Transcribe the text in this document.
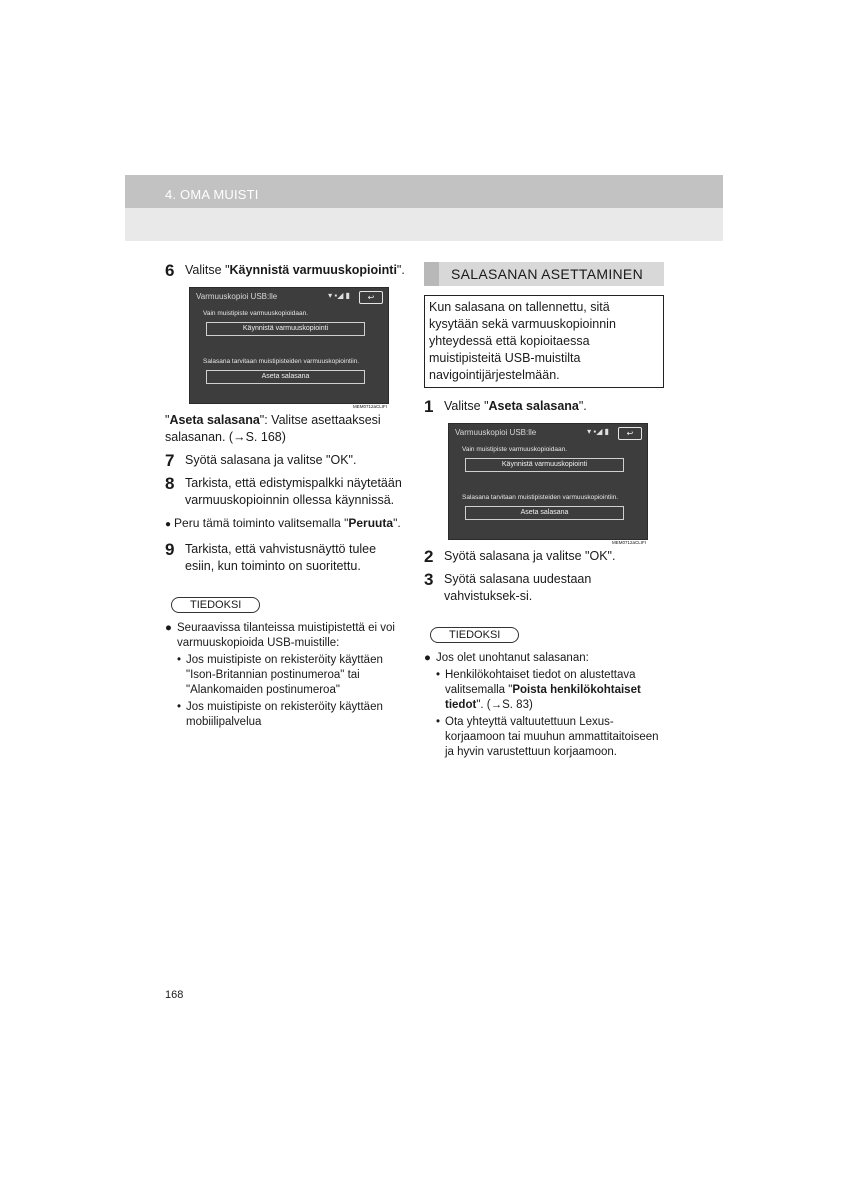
4. OMA MUISTI
6 Valitse "Käynnistä varmuuskopiointi".
Varmuuskopioi USB:lle	▾ ▪◢ ▮	↩
Vain muistipiste varmuuskopioidaan.
Käynnistä varmuuskopiointi
Salasana tarvitaan muistipisteiden varmuuskopiointiin.
Aseta salasana
MEM0712aCLIFI
"Aseta salasana": Valitse asettaaksesi salasanan. (→S. 168)
7 Syötä salasana ja valitse "OK".
8 Tarkista, että edistymispalkki näytetään varmuuskopioinnin ollessa käynnissä.
● Peru tämä toiminto valitsemalla "Peruuta".
9 Tarkista, että vahvistusnäyttö tulee esiin, kun toiminto on suoritettu.
TIEDOKSI
● Seuraavissa tilanteissa muistipistettä ei voi varmuuskopioida USB-muistille:
• Jos muistipiste on rekisteröity käyttäen "Ison-Britannian postinumeroa" tai "Alankomaiden postinumeroa"
• Jos muistipiste on rekisteröity käyttäen mobiilipalvelua
SALASANAN ASETTAMINEN
Kun salasana on tallennettu, sitä kysytään sekä varmuuskopioinnin yhteydessä että kopioitaessa muistipisteitä USB-muistilta navigointijärjestelmään.
1 Valitse "Aseta salasana".
Varmuuskopioi USB:lle	▾ ▪◢ ▮	↩
Vain muistipiste varmuuskopioidaan.
Käynnistä varmuuskopiointi
Salasana tarvitaan muistipisteiden varmuuskopiointiin.
Aseta salasana
MEM0712aCLIFI
2 Syötä salasana ja valitse "OK".
3 Syötä salasana uudestaan vahvistuksek-si.
TIEDOKSI
● Jos olet unohtanut salasanan:
• Henkilökohtaiset tiedot on alustettava valitsemalla "Poista henkilökohtaiset tiedot". (→S. 83)
• Ota yhteyttä valtuutettuun Lexus-korjaamoon tai muuhun ammattitaitoiseen ja hyvin varustettuun korjaamoon.
168
